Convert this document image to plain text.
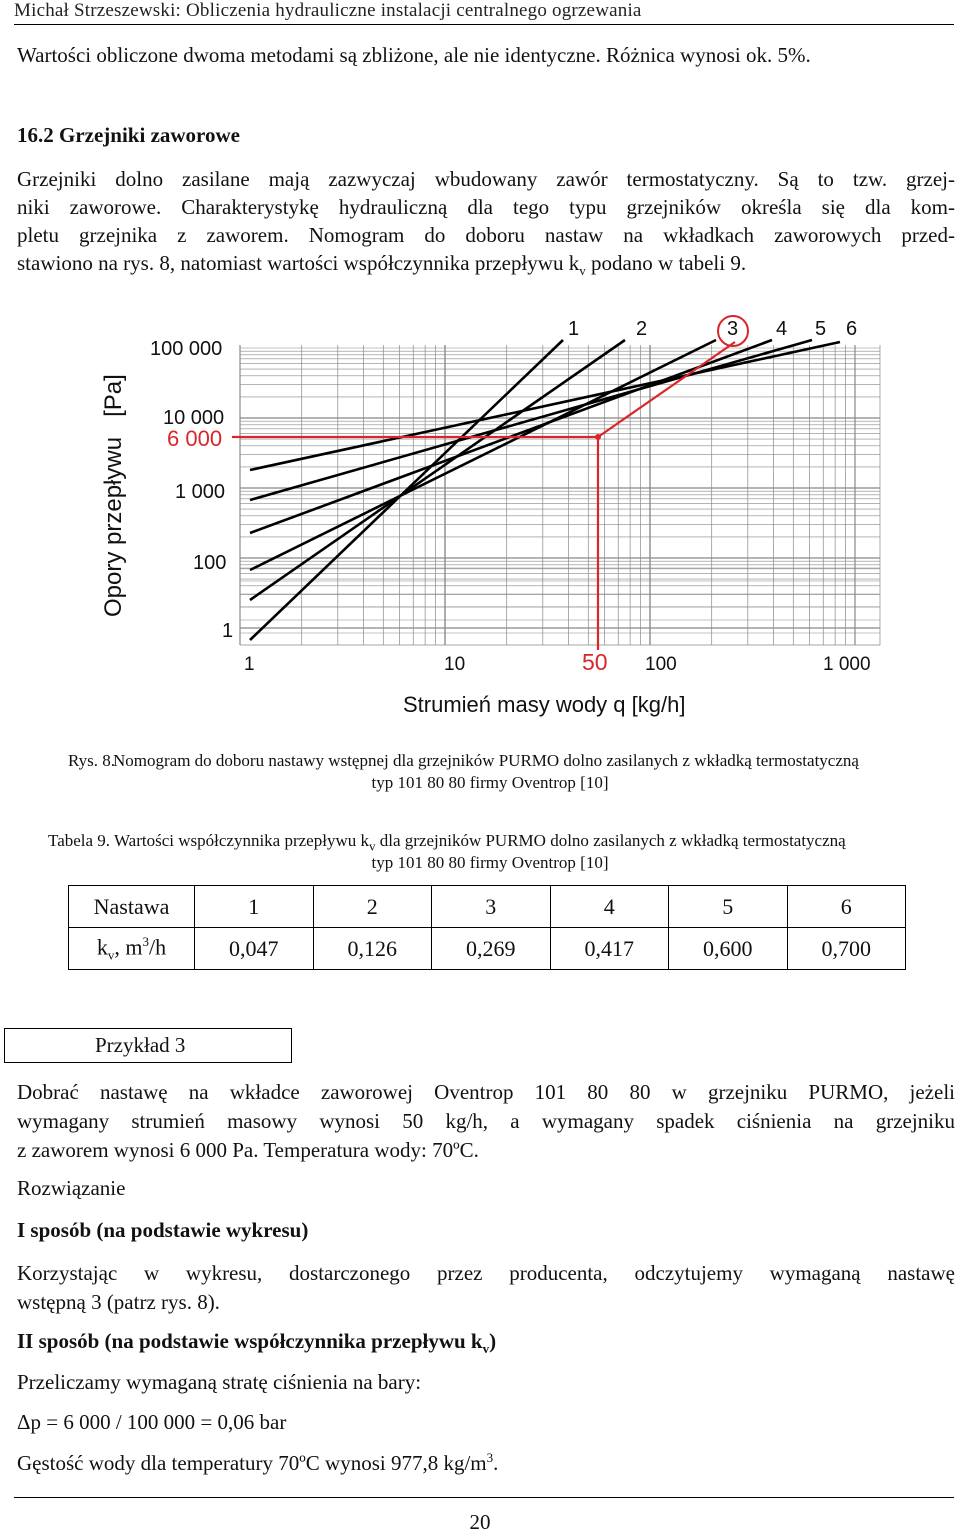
Michał Strzeszewski: Obliczenia hydrauliczne instalacji centralnego ogrzewania
Wartości obliczone dwoma metodami są zbliżone, ale nie identyczne. Różnica wynosi ok. 5%.
16.2 Grzejniki zaworowe
Grzejniki dolno zasilane mają zazwyczaj wbudowany zawór termostatyczny. Są to tzw. grzej-
niki zaworowe. Charakterystykę hydrauliczną dla tego typu grzejników określa się dla kom-
pletu grzejnika z zaworem. Nomogram do doboru nastaw na wkładkach zaworowych przed-
stawiono na rys. 8, natomiast wartości współczynnika przepływu $k_v$ podano w tabeli 9.
Opory przepływu   [Pa]
100 000
10 000
6 000
1 000
100
1
1	10	50 100	1 000
Strumień masy wody q [kg/h]
1	2	3 4 5 6
Rys. 8.
Nomogram do doboru nastawy wstępnej dla grzejników PURMO dolno zasilanych z wkładką termostatyczną
typ 101 80 80 firmy Oventrop [10]
Tabela 9. Wartości współczynnika przepływu $k_v$ dla grzejników PURMO dolno zasilanych z wkładką termostatyczną
typ 101 80 80 firmy Oventrop [10]
Nastawa	1	2	3	4	5	6
$k_v$, $m^3/h$	0,047	0,126	0,269	0,417	0,600	0,700
Przykład 3
Dobrać nastawę na wkładce zaworowej Oventrop 101 80 80 w grzejniku PURMO, jeżeli
wymagany strumień masowy wynosi 50 kg/h, a wymagany spadek ciśnienia na grzejniku
z zaworem wynosi 6 000 Pa. Temperatura wody: 70ºC.
Rozwiązanie
I sposób (na podstawie wykresu)
Korzystając w wykresu, dostarczonego przez producenta, odczytujemy wymaganą nastawę
wstępną 3 (patrz rys. 8).
II sposób (na podstawie współczynnika przepływu $k_v$)
Przeliczamy wymaganą stratę ciśnienia na bary:
Δp = 6 000 / 100 000 = 0,06 bar
Gęstość wody dla temperatury 70ºC wynosi 977,8 $kg/m^3$.
20
